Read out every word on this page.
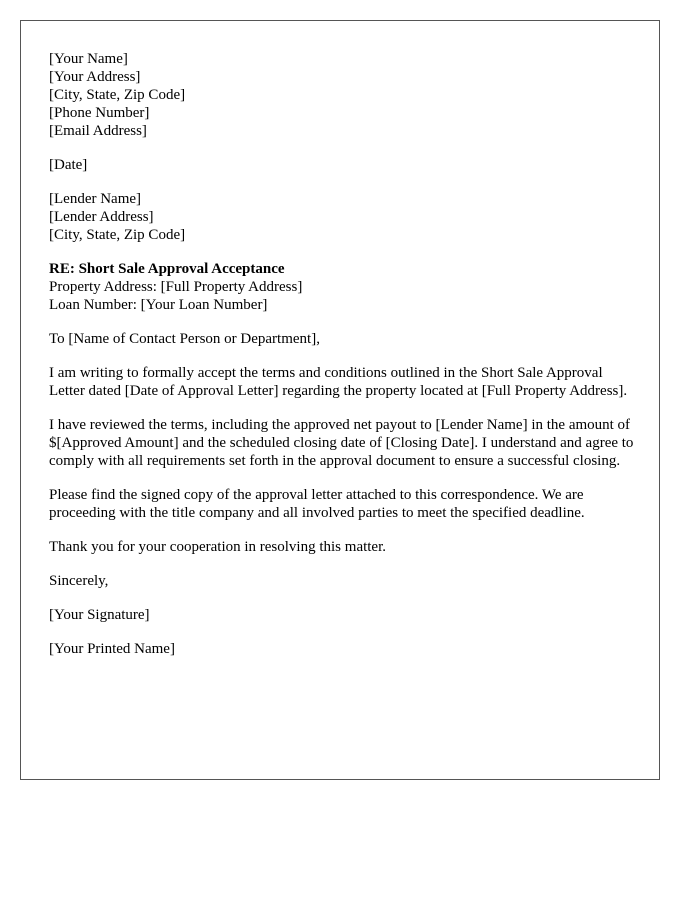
[Your Name]
[Your Address]
[City, State, Zip Code]
[Phone Number]
[Email Address]
[Date]
[Lender Name]
[Lender Address]
[City, State, Zip Code]
RE: Short Sale Approval Acceptance
Property Address: [Full Property Address]
Loan Number: [Your Loan Number]

To [Name of Contact Person or Department],

I am writing to formally accept the terms and conditions outlined in the Short Sale Approval Letter dated [Date of Approval Letter] regarding the property located at [Full Property Address].

I have reviewed the terms, including the approved net payout to [Lender Name] in the amount of $[Approved Amount] and the scheduled closing date of [Closing Date]. I understand and agree to comply with all requirements set forth in the approval document to ensure a successful closing.

Please find the signed copy of the approval letter attached to this correspondence. We are proceeding with the title company and all involved parties to meet the specified deadline.

Thank you for your cooperation in resolving this matter.

Sincerely,

[Your Signature]

[Your Printed Name]
